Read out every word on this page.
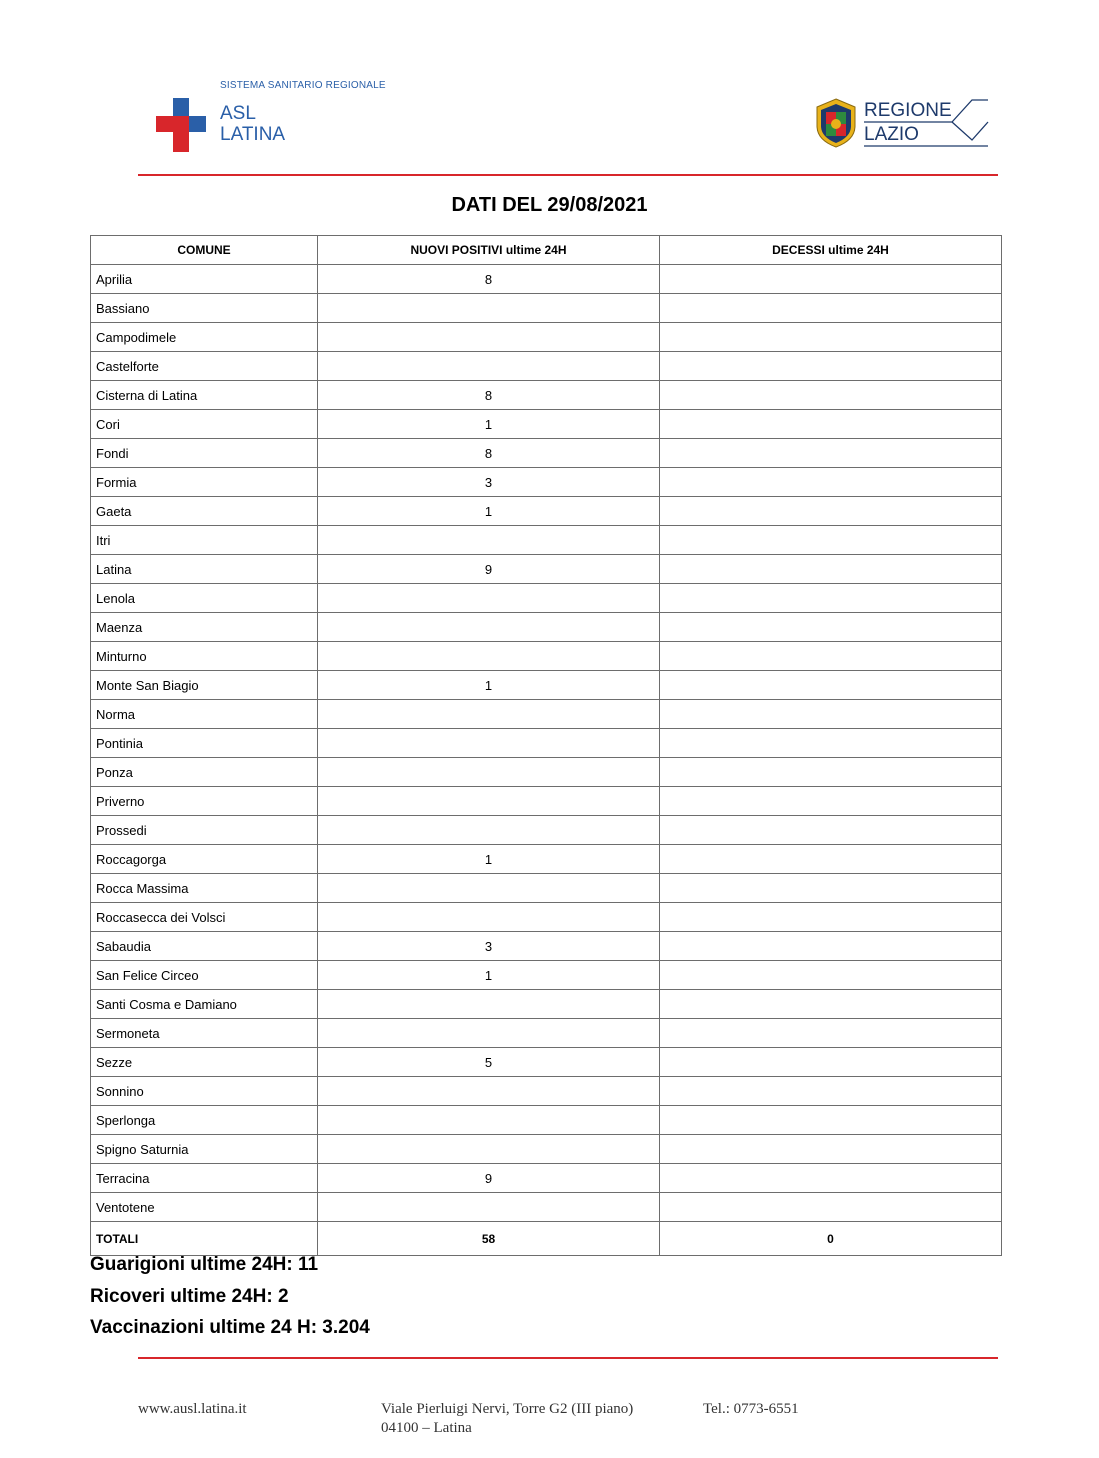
SISTEMA SANITARIO REGIONALE
ASL
LATINA
REGIONE
LAZIO
DATI DEL 29/08/2021
COMUNE	NUOVI POSITIVI ultime 24H	DECESSI ultime 24H
Aprilia	8	
Bassiano		
Campodimele		
Castelforte		
Cisterna di Latina	8	
Cori	1	
Fondi	8	
Formia	3	
Gaeta	1	
Itri		
Latina	9	
Lenola		
Maenza		
Minturno		
Monte San Biagio	1	
Norma		
Pontinia		
Ponza		
Priverno		
Prossedi		
Roccagorga	1	
Rocca Massima		
Roccasecca dei Volsci		
Sabaudia	3	
San Felice Circeo	1	
Santi Cosma e Damiano		
Sermoneta		
Sezze	5	
Sonnino		
Sperlonga		
Spigno Saturnia		
Terracina	9	
Ventotene		
TOTALI	58	0
Guarigioni ultime 24H: 11
Ricoveri ultime 24H: 2
Vaccinazioni ultime 24 H: 3.204
www.ausl.latina.it	Viale Pierluigi Nervi, Torre G2 (III piano)
04100 – Latina
Tel.: 0773-6551
